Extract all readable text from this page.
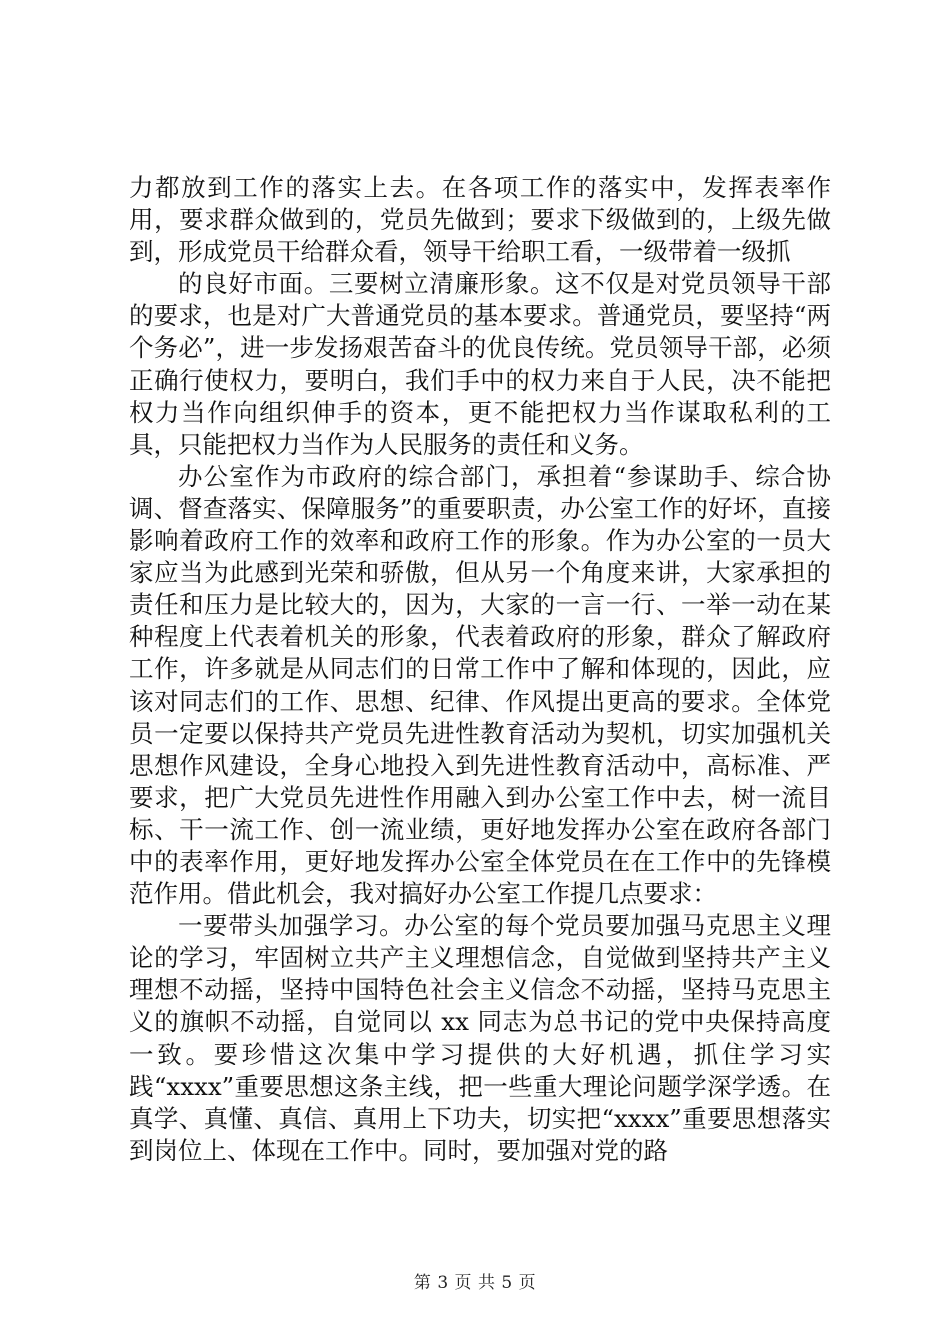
力都放到工作的落实上去。在各项工作的落实中，发挥表率作用，要求群众做到的，党员先做到；要求下级做到的，上级先做到，形成党员干给群众看，领导干给职工看，一级带着一级抓

的良好市面。三要树立清廉形象。这不仅是对党员领导干部的要求，也是对广大普通党员的基本要求。普通党员，要坚持“两个务必”，进一步发扬艰苦奋斗的优良传统。党员领导干部，必须正确行使权力，要明白，我们手中的权力来自于人民，决不能把权力当作向组织伸手的资本，更不能把权力当作谋取私利的工具，只能把权力当作为人民服务的责任和义务。

办公室作为市政府的综合部门，承担着“参谋助手、综合协调、督查落实、保障服务”的重要职责，办公室工作的好坏，直接影响着政府工作的效率和政府工作的形象。作为办公室的一员大家应当为此感到光荣和骄傲，但从另一个角度来讲，大家承担的责任和压力是比较大的，因为，大家的一言一行、一举一动在某种程度上代表着机关的形象，代表着政府的形象，群众了解政府工作，许多就是从同志们的日常工作中了解和体现的，因此，应该对同志们的工作、思想、纪律、作风提出更高的要求。全体党员一定要以保持共产党员先进性教育活动为契机，切实加强机关思想作风建设，全身心地投入到先进性教育活动中，高标准、严要求，把广大党员先进性作用融入到办公室工作中去，树一流目标、干一流工作、创一流业绩，更好地发挥办公室在政府各部门中的表率作用，更好地发挥办公室全体党员在在工作中的先锋模范作用。借此机会，我对搞好办公室工作提几点要求：

一要带头加强学习。办公室的每个党员要加强马克思主义理论的学习，牢固树立共产主义理想信念，自觉做到坚持共产主义理想不动摇，坚持中国特色社会主义信念不动摇，坚持马克思主义的旗帜不动摇，自觉同以 xx 同志为总书记的党中央保持高度一致。要珍惜这次集中学习提供的大好机遇，抓住学习实践“xxxx”重要思想这条主线，把一些重大理论问题学深学透。在真学、真懂、真信、真用上下功夫，切实把“xxxx”重要思想落实到岗位上、体现在工作中。同时，要加强对党的路

第 3 页 共 5 页
